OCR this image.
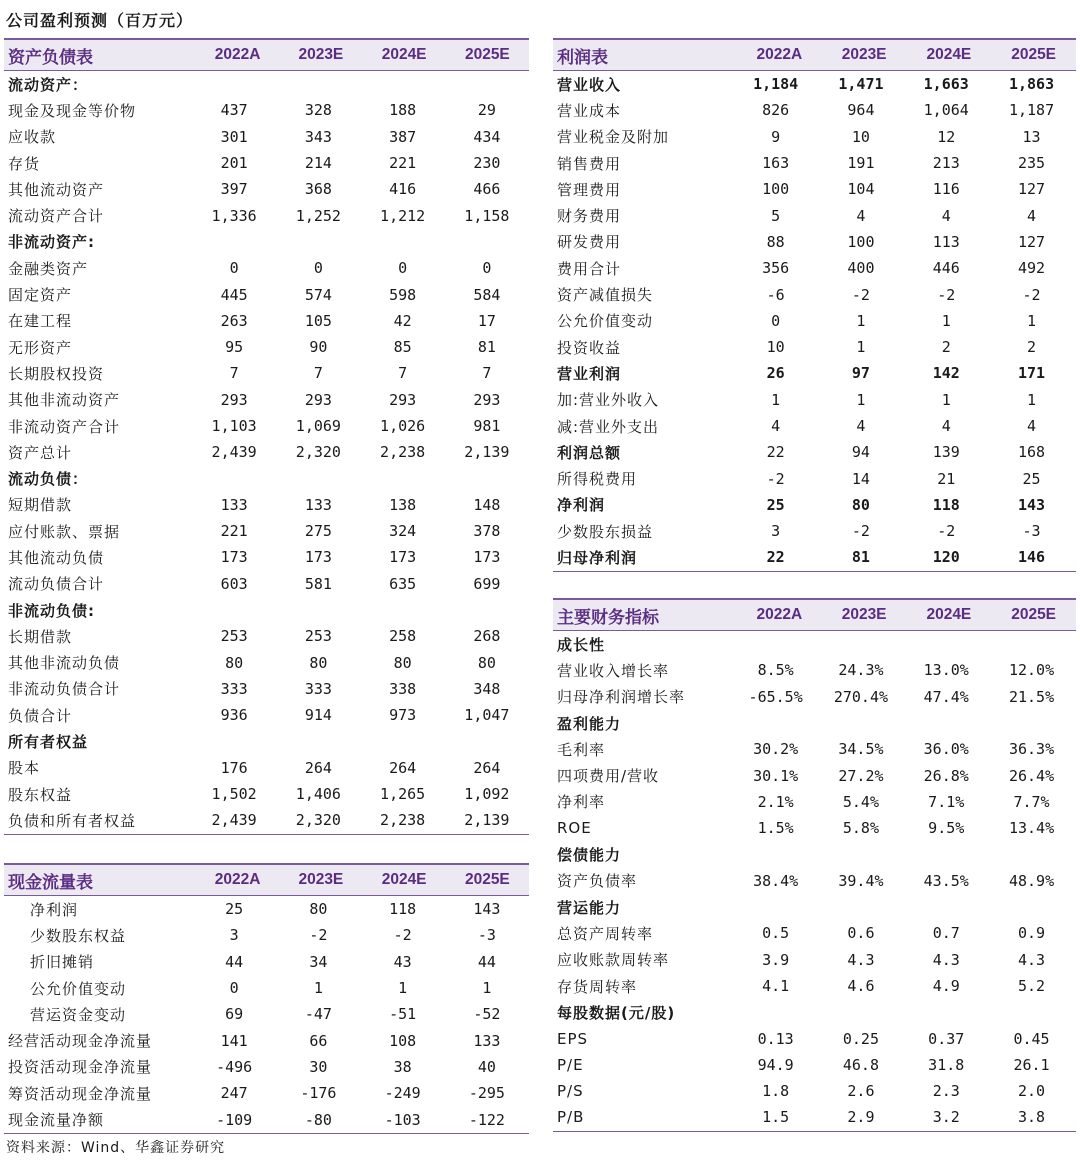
公司盈利预测（百万元）
资产负债表	2022A	2023E	2024E	2025E
流动资产：
现金及现金等价物	437	328	188	29
应收款	301	343	387	434
存货	201	214	221	230
其他流动资产	397	368	416	466
流动资产合计	1,336	1,252	1,212	1,158
非流动资产:
金融类资产	0	0	0	0
固定资产	445	574	598	584
在建工程	263	105	42	17
无形资产	95	90	85	81
长期股权投资	7	7	7	7
其他非流动资产	293	293	293	293
非流动资产合计	1,103	1,069	1,026	981
资产总计	2,439	2,320	2,238	2,139
流动负债：
短期借款	133	133	138	148
应付账款、票据	221	275	324	378
其他流动负债	173	173	173	173
流动负债合计	603	581	635	699
非流动负债:
长期借款	253	253	258	268
其他非流动负债	80	80	80	80
非流动负债合计	333	333	338	348
负债合计	936	914	973	1,047
所有者权益
股本	176	264	264	264
股东权益	1,502	1,406	1,265	1,092
负债和所有者权益	2,439	2,320	2,238	2,139
利润表	2022A	2023E	2024E	2025E
营业收入	1,184	1,471	1,663	1,863
营业成本	826	964	1,064	1,187
营业税金及附加	9	10	12	13
销售费用	163	191	213	235
管理费用	100	104	116	127
财务费用	5	4	4	4
研发费用	88	100	113	127
费用合计	356	400	446	492
资产减值损失	-6	-2	-2	-2
公允价值变动	0	1	1	1
投资收益	10	1	2	2
营业利润	26	97	142	171
加:营业外收入	1	1	1	1
减:营业外支出	4	4	4	4
利润总额	22	94	139	168
所得税费用	-2	14	21	25
净利润	25	80	118	143
少数股东损益	3	-2	-2	-3
归母净利润	22	81	120	146
现金流量表	2022A	2023E	2024E	2025E
净利润	25	80	118	143
少数股东权益	3	-2	-2	-3
折旧摊销	44	34	43	44
公允价值变动	0	1	1	1
营运资金变动	69	-47	-51	-52
经营活动现金净流量	141	66	108	133
投资活动现金净流量	-496	30	38	40
筹资活动现金净流量	247	-176	-249	-295
现金流量净额	-109	-80	-103	-122
主要财务指标	2022A	2023E	2024E	2025E
成长性
营业收入增长率	8.5%	24.3%	13.0%	12.0%
归母净利润增长率	-65.5%	270.4%	47.4%	21.5%
盈利能力
毛利率	30.2%	34.5%	36.0%	36.3%
四项费用/营收	30.1%	27.2%	26.8%	26.4%
净利率	2.1%	5.4%	7.1%	7.7%
ROE	1.5%	5.8%	9.5%	13.4%
偿债能力
资产负债率	38.4%	39.4%	43.5%	48.9%
营运能力
总资产周转率	0.5	0.6	0.7	0.9
应收账款周转率	3.9	4.3	4.3	4.3
存货周转率	4.1	4.6	4.9	5.2
每股数据(元/股)
EPS	0.13	0.25	0.37	0.45
P/E	94.9	46.8	31.8	26.1
P/S	1.8	2.6	2.3	2.0
P/B	1.5	2.9	3.2	3.8
资料来源：Wind、华鑫证券研究
